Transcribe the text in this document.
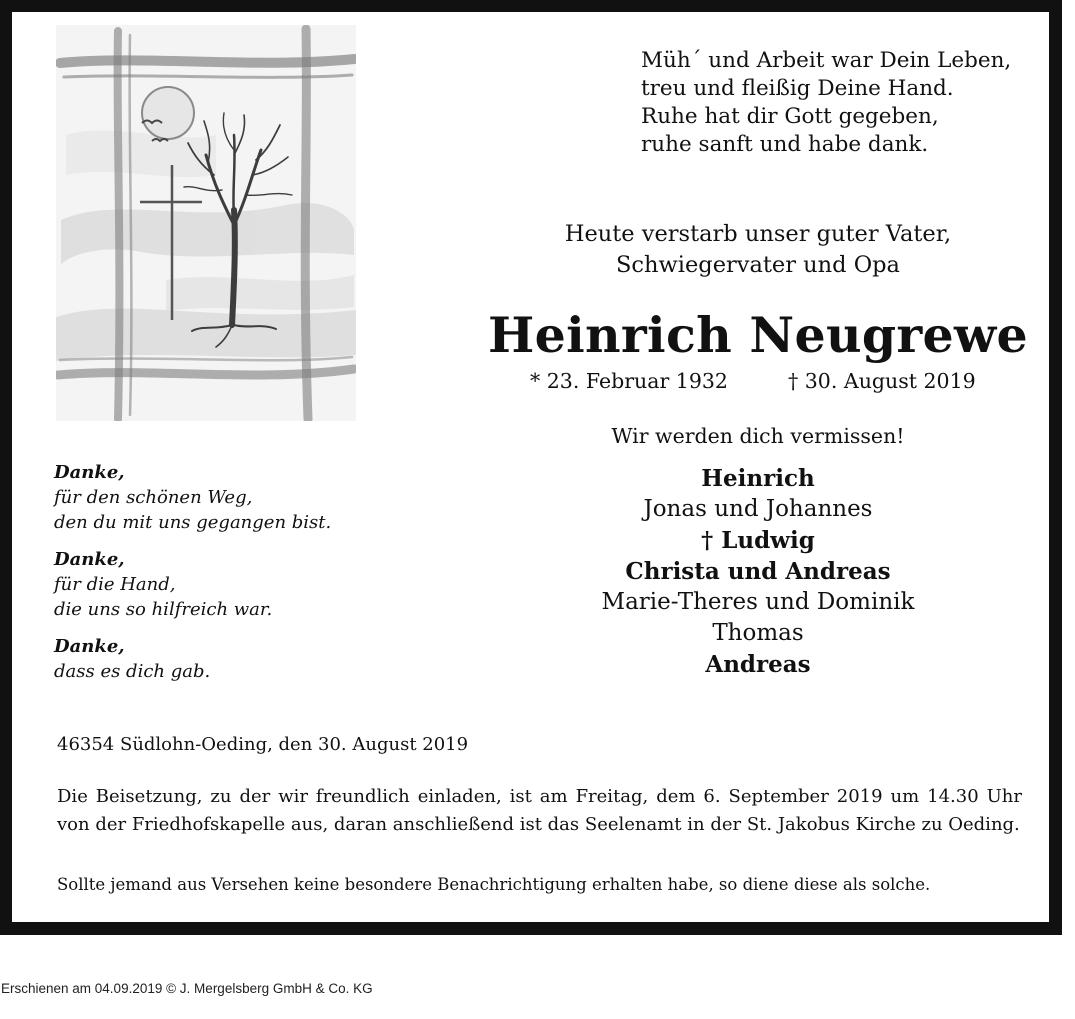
Müh´ und Arbeit war Dein Leben,
treu und fleißig Deine Hand.
Ruhe hat dir Gott gegeben,
ruhe sanft und habe dank.
Heute verstarb unser guter Vater,
Schwiegervater und Opa
Heinrich Neugrewe
* 23. Februar 1932	† 30. August 2019
Wir werden dich vermissen!
Heinrich
Jonas und Johannes
† Ludwig
Christa und Andreas
Marie-Theres und Dominik
Thomas
Andreas
Danke,
für den schönen Weg,
den du mit uns gegangen bist.
Danke,
für die Hand,
die uns so hilfreich war.
Danke,
dass es dich gab.
46354 Südlohn-Oeding, den 30. August 2019
Die Beisetzung, zu der wir freundlich einladen, ist am Freitag, dem 6. September 2019 um 14.30 Uhr von der Friedhofskapelle aus, daran anschließend ist das Seelenamt in der St. Jakobus Kirche zu Oeding.
Sollte jemand aus Versehen keine besondere Benachrichtigung erhalten habe, so diene diese als solche.
Erschienen am 04.09.2019 © J. Mergelsberg GmbH & Co. KG
